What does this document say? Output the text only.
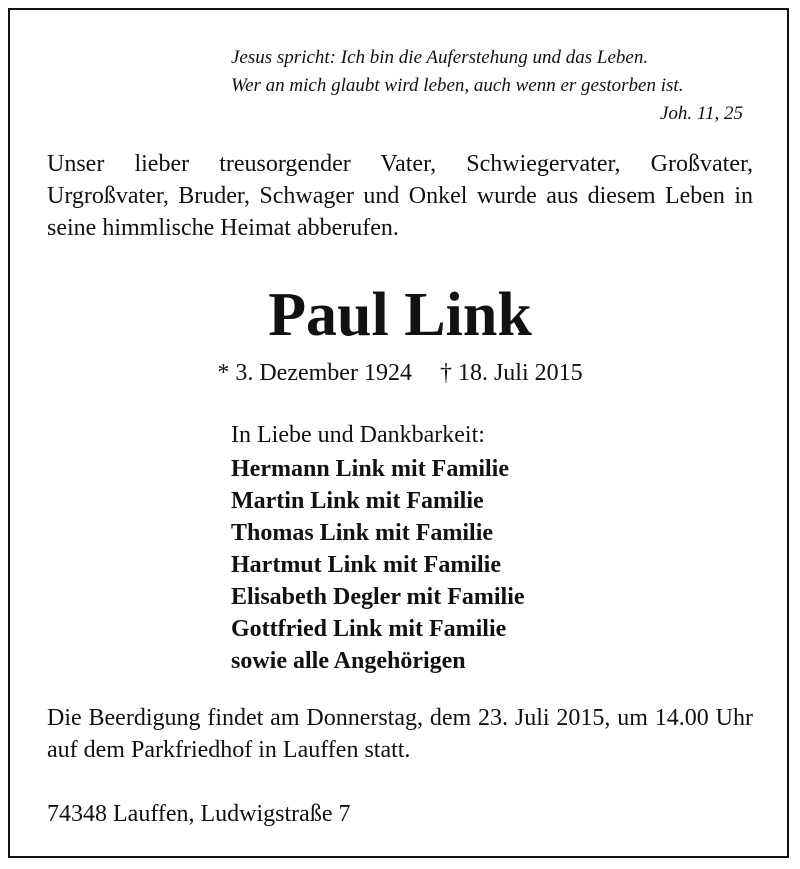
Jesus spricht: Ich bin die Auferstehung und das Leben.
Wer an mich glaubt wird leben, auch wenn er gestorben ist.
Joh. 11, 25
Unser lieber treusorgender Vater, Schwiegervater, Großvater, Urgroßvater, Bruder, Schwager und Onkel wurde aus diesem Leben in seine himmlische Heimat abberufen.
Paul Link
* 3. Dezember 1924 † 18. Juli 2015
In Liebe und Dankbarkeit:
Hermann Link mit Familie
Martin Link mit Familie
Thomas Link mit Familie
Hartmut Link mit Familie
Elisabeth Degler mit Familie
Gottfried Link mit Familie
sowie alle Angehörigen
Die Beerdigung findet am Donnerstag, dem 23. Juli 2015, um 14.00 Uhr auf dem Parkfriedhof in Lauffen statt.
74348 Lauffen, Ludwigstraße 7
